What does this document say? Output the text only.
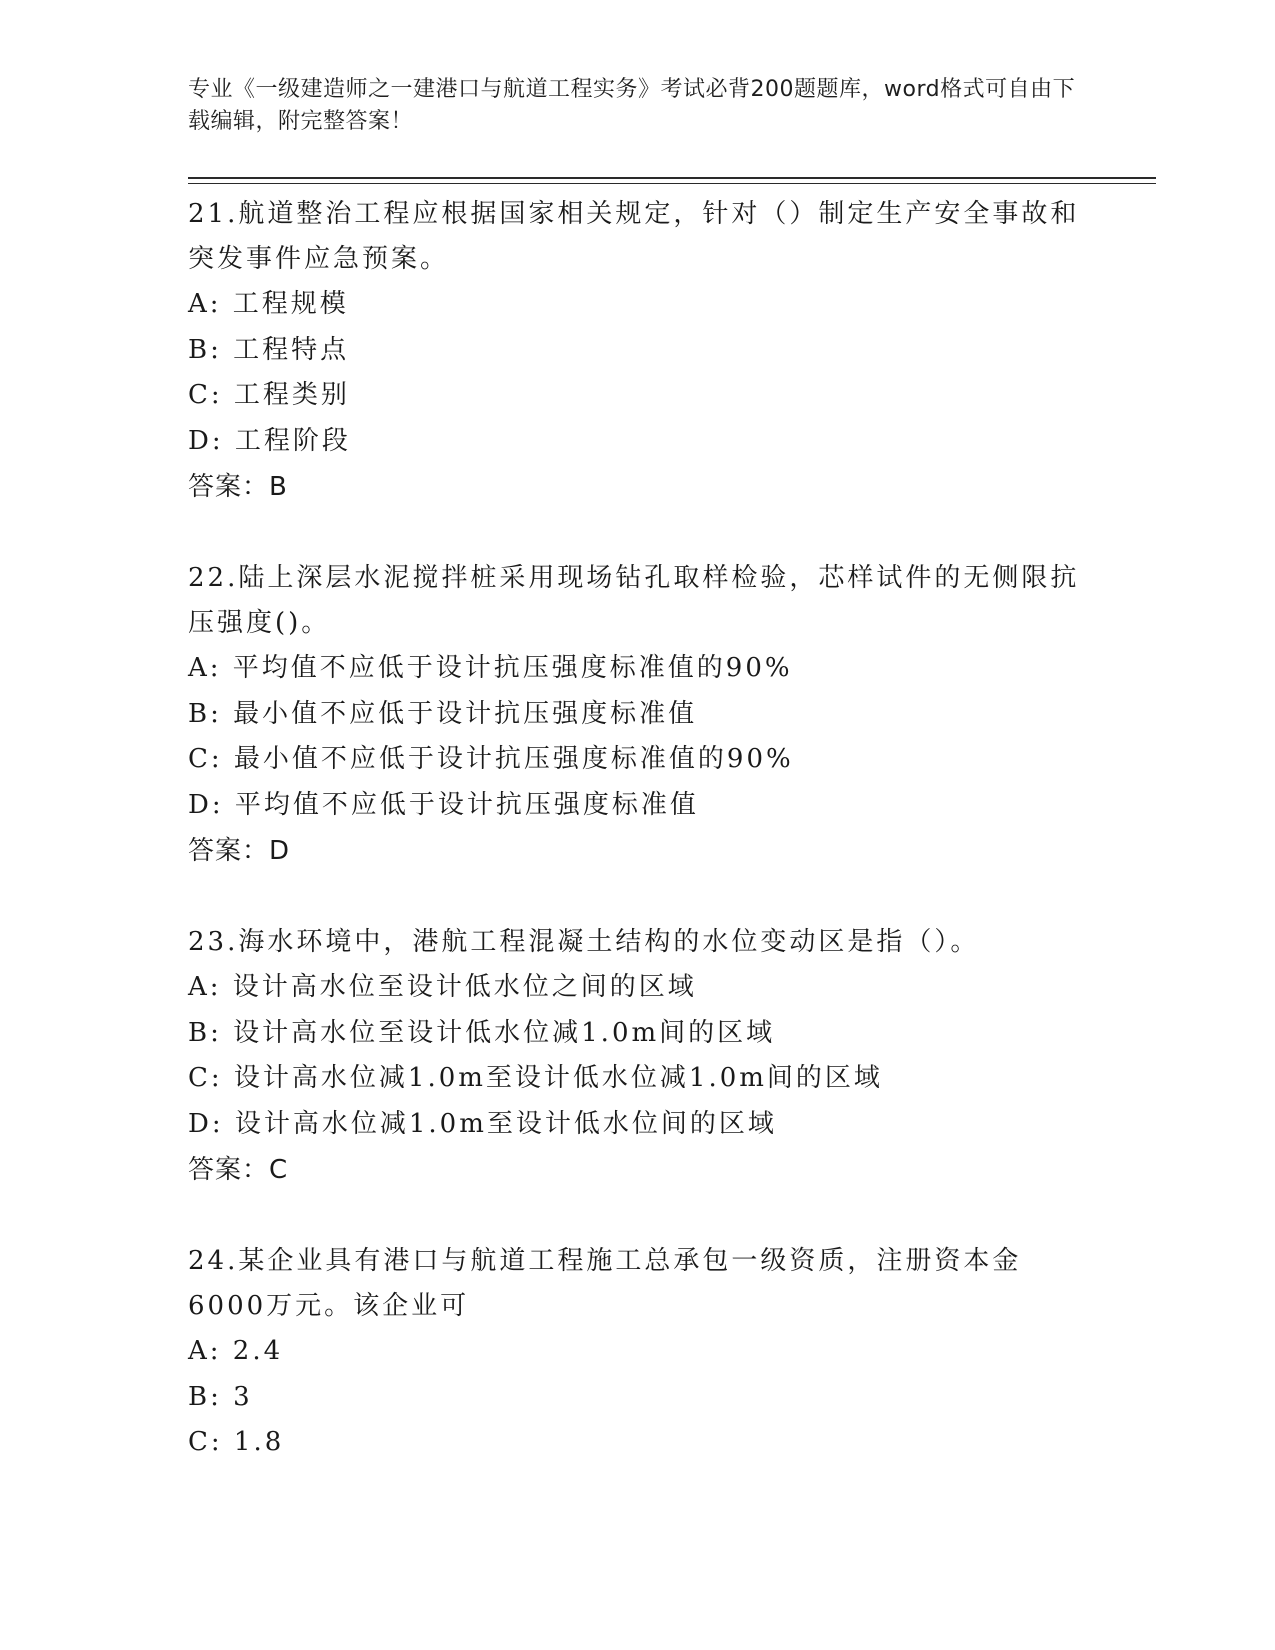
专业《一级建造师之一建港口与航道工程实务》考试必背200题题库，word格式可自由下载编辑，附完整答案！

21.航道整治工程应根据国家相关规定，针对（）制定生产安全事故和突发事件应急预案。

A: 工程规模

B: 工程特点

C: 工程类别

D: 工程阶段

答案：B

22.陆上深层水泥搅拌桩采用现场钻孔取样检验，芯样试件的无侧限抗压强度()。

A: 平均值不应低于设计抗压强度标准值的90%

B: 最小值不应低于设计抗压强度标准值

C: 最小值不应低于设计抗压强度标准值的90%

D: 平均值不应低于设计抗压强度标准值

答案：D

23.海水环境中，港航工程混凝土结构的水位变动区是指（）。

A: 设计高水位至设计低水位之间的区域

B: 设计高水位至设计低水位减1.0m间的区域

C: 设计高水位减1.0m至设计低水位减1.0m间的区域

D: 设计高水位减1.0m至设计低水位间的区域

答案：C

24.某企业具有港口与航道工程施工总承包一级资质，注册资本金6000万元。该企业可

A: 2.4

B: 3

C: 1.8
